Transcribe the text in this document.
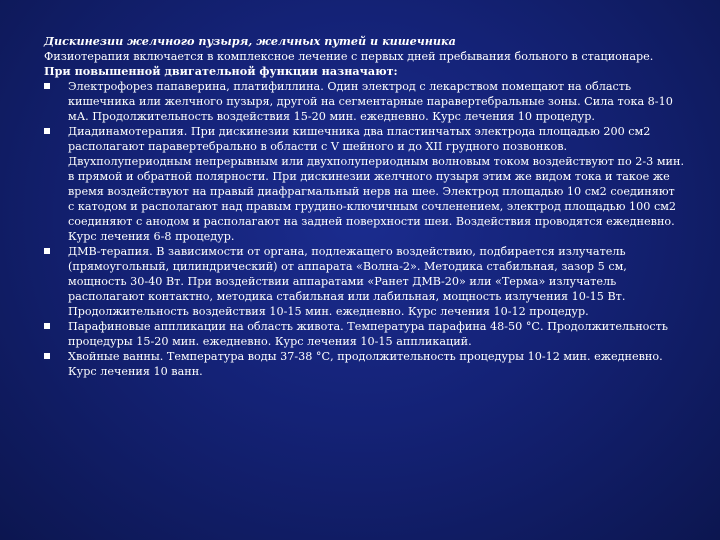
Дискинезии желчного пузыря, желчных путей и кишечника

Физиотерапия включается в комплексное лечение с первых дней пребывания больного в стационаре.

При повышенной двигательной функции назначают:

Электрофорез папаверина, платифиллина. Один электрод с лекарством помещают на область кишечника или желчного пузыря, другой на сегментарные паравертебральные зоны. Сила тока 8-10 мА. Продолжительность воздействия 15-20 мин. ежедневно. Курс лечения 10 процедур.
Диадинамотерапия. При дискинезии кишечника два пластинчатых электрода площадью 200 см2 располагают паравертебрально в области с V шейного и до XII грудного позвонков. Двухполупериодным непрерывным или двухполупериодным волновым током воздействуют по 2-3 мин. в прямой и обратной полярности. При дискинезии желчного пузыря этим же видом тока и такое же время воздействуют на правый диафрагмальный нерв на шее. Электрод площадью 10 см2 соединяют с катодом и располагают над правым грудино-ключичным сочленением, электрод площадью 100 см2 соединяют с анодом и располагают на задней поверхности шеи. Воздействия проводятся ежедневно. Курс лечения 6-8 процедур.
ДМВ-терапия. В зависимости от органа, подлежащего воздействию, подбирается излучатель (прямоугольный, цилиндрический) от аппарата «Волна-2». Методика стабильная, зазор 5 см, мощность 30-40 Вт. При воздействии аппаратами «Ранет ДМВ-20» или «Терма» излучатель располагают контактно, методика стабильная или лабильная, мощность излучения 10-15 Вт. Продолжительность воздействия 10-15 мин. ежедневно. Курс лечения 10-12 процедур.
Парафиновые аппликации на область живота. Температура парафина 48-50 °С. Продолжительность процедуры 15-20 мин. ежедневно. Курс лечения 10-15 аппликаций.
Хвойные ванны. Температура воды 37-38 °С, продолжительность процедуры 10-12 мин. ежедневно. Курс лечения 10 ванн.
